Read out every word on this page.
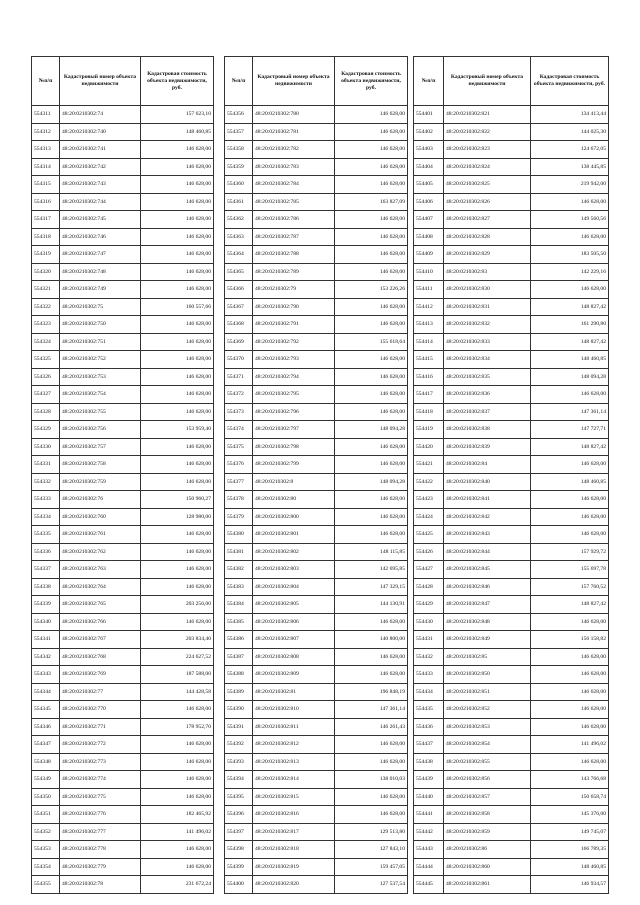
№п/п	Кадастровый номер объекта недвижимости	Кадастровая стоимость объекта недвижимости, руб.
554311	48:20:0210302:74	157 623,10
554312	48:20:0210302:740	148 460,85
554313	48:20:0210302:741	146 628,00
554314	48:20:0210302:742	146 628,00
554315	48:20:0210302:743	146 628,00
554316	48:20:0210302:744	146 628,00
554317	48:20:0210302:745	146 628,00
554318	48:20:0210302:746	146 628,00
554319	48:20:0210302:747	146 628,00
554320	48:20:0210302:748	146 628,00
554321	48:20:0210302:749	146 628,00
554322	48:20:0210302:75	160 557,66
554323	48:20:0210302:750	146 628,00
554324	48:20:0210302:751	146 628,00
554325	48:20:0210302:752	146 628,00
554326	48:20:0210302:753	146 628,00
554327	48:20:0210302:754	146 628,00
554328	48:20:0210302:755	146 628,00
554329	48:20:0210302:756	153 959,40
554330	48:20:0210302:757	146 628,00
554331	48:20:0210302:758	146 628,00
554332	48:20:0210302:759	146 628,00
554333	48:20:0210302:76	150 960,27
554334	48:20:0210302:760	128 980,00
554335	48:20:0210302:761	146 628,00
554336	48:20:0210302:762	146 628,00
554337	48:20:0210302:763	146 628,00
554338	48:20:0210302:764	146 628,00
554339	48:20:0210302:765	203 256,00
554340	48:20:0210302:766	146 628,00
554341	48:20:0210302:767	203 834,40
554342	48:20:0210302:768	224 627,52
554343	48:20:0210302:769	187 588,00
554344	48:20:0210302:77	144 428,58
554345	48:20:0210302:770	146 628,00
554346	48:20:0210302:771	178 952,70
554347	48:20:0210302:772	146 628,00
554348	48:20:0210302:773	146 628,00
554349	48:20:0210302:774	146 628,00
554350	48:20:0210302:775	146 628,00
554351	48:20:0210302:776	182 465,92
554352	48:20:0210302:777	141 496,02
554353	48:20:0210302:778	146 628,00
554354	48:20:0210302:779	146 628,00
554355	48:20:0210302:78	231 672,24
№п/п	Кадастровый номер объекта недвижимости	Кадастровая стоимость объекта недвижимости, руб.
554356	48:20:0210302:780	146 628,00
554357	48:20:0210302:781	146 628,00
554358	48:20:0210302:782	146 628,00
554359	48:20:0210302:783	146 628,00
554360	48:20:0210302:784	146 628,00
554361	48:20:0210302:785	163 827,09
554362	48:20:0210302:786	146 628,00
554363	48:20:0210302:787	146 628,00
554364	48:20:0210302:788	146 628,00
554365	48:20:0210302:789	146 628,00
554366	48:20:0210302:79	153 226,26
554367	48:20:0210302:790	146 628,00
554368	48:20:0210302:791	146 628,00
554369	48:20:0210302:792	155 618,64
554370	48:20:0210302:793	146 628,00
554371	48:20:0210302:794	146 628,00
554372	48:20:0210302:795	146 628,00
554373	48:20:0210302:796	146 628,00
554374	48:20:0210302:797	148 094,28
554375	48:20:0210302:798	146 628,00
554376	48:20:0210302:799	146 628,00
554377	48:20:0210302:8	148 094,28
554378	48:20:0210302:80	146 628,00
554379	48:20:0210302:800	146 628,00
554380	48:20:0210302:801	146 628,00
554381	48:20:0210302:802	148 115,85
554382	48:20:0210302:803	142 695,85
554383	48:20:0210302:804	147 329,15
554384	48:20:0210302:805	144 130,91
554385	48:20:0210302:806	146 628,00
554386	48:20:0210302:807	140 800,00
554387	48:20:0210302:808	146 628,00
554388	48:20:0210302:809	146 628,00
554389	48:20:0210302:81	196 848,19
554390	48:20:0210302:810	147 361,14
554391	48:20:0210302:811	146 261,43
554392	48:20:0210302:812	146 628,00
554393	48:20:0210302:813	146 628,00
554394	48:20:0210302:814	138 010,03
554395	48:20:0210302:815	146 628,00
554396	48:20:0210302:816	146 628,00
554397	48:20:0210302:817	129 513,80
554398	48:20:0210302:818	127 843,10
554399	48:20:0210302:819	159 457,05
554400	48:20:0210302:820	127 537,54
№п/п	Кадастровый номер объекта недвижимости	Кадастровая стоимость объекта недвижимости, руб.
554401	48:20:0210302:821	134 413,44
554402	48:20:0210302:822	144 025,30
554403	48:20:0210302:823	124 672,05
554404	48:20:0210302:824	138 445,85
554405	48:20:0210302:825	219 942,00
554406	48:20:0210302:826	146 628,00
554407	48:20:0210302:827	149 560,56
554408	48:20:0210302:828	146 628,00
554409	48:20:0210302:829	183 505,50
554410	48:20:0210302:83	142 229,16
554411	48:20:0210302:830	146 628,00
554412	48:20:0210302:831	148 827,42
554413	48:20:0210302:832	161 290,80
554414	48:20:0210302:833	148 827,42
554415	48:20:0210302:834	148 460,85
554416	48:20:0210302:835	148 094,28
554417	48:20:0210302:836	146 628,00
554418	48:20:0210302:837	147 361,14
554419	48:20:0210302:838	147 727,71
554420	48:20:0210302:839	148 827,42
554421	48:20:0210302:84	146 628,00
554422	48:20:0210302:840	148 460,85
554423	48:20:0210302:841	146 628,00
554424	48:20:0210302:842	146 628,00
554425	48:20:0210302:843	146 628,00
554426	48:20:0210302:844	157 929,72
554427	48:20:0210302:845	155 697,78
554428	48:20:0210302:846	157 760,52
554429	48:20:0210302:847	148 827,42
554430	48:20:0210302:848	146 628,00
554431	48:20:0210302:849	156 158,82
554432	48:20:0210302:85	146 628,00
554433	48:20:0210302:850	146 628,00
554434	48:20:0210302:851	146 628,00
554435	48:20:0210302:852	146 628,00
554436	48:20:0210302:853	146 628,00
554437	48:20:0210302:854	141 496,02
554438	48:20:0210302:855	146 628,00
554439	48:20:0210302:856	143 766,68
554440	48:20:0210302:857	150 658,74
554441	48:20:0210302:858	145 376,00
554442	48:20:0210302:859	149 745,07
554443	48:20:0210302:86	166 789,35
554444	48:20:0210302:860	148 460,85
554445	48:20:0210302:861	146 934,57
